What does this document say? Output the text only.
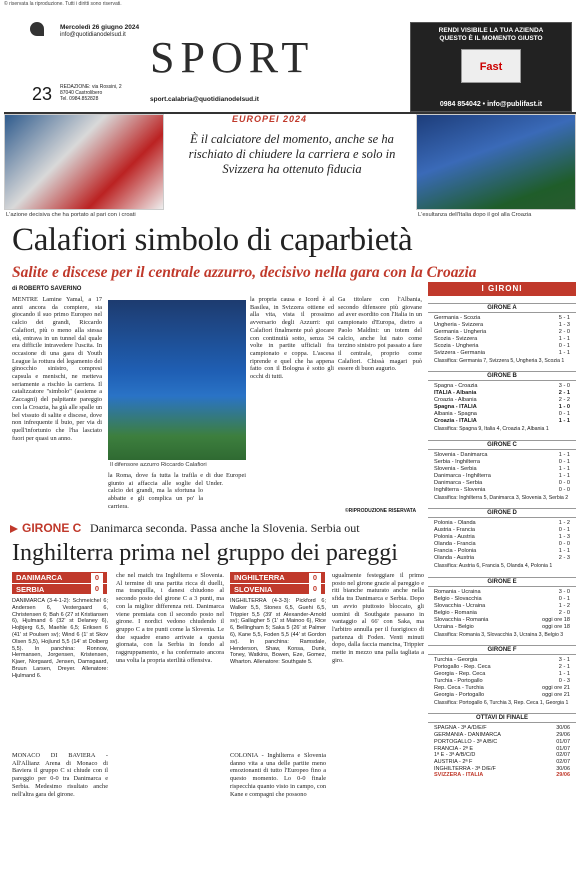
© riservata la riproduzione. Tutti i diritti sono riservati.
Mercoledì 26 giugno 2024
info@quotidianodelsud.it SPORT
23 REDAZIONE: via Rossini, 2
87040 Castrolibero
Tel. 0984.852828	sport.calabria@quotidianodelsud.it
RENDI VISIBILE LA TUA AZIENDA
QUESTO È IL MOMENTO GIUSTO
Fast
0984 854042 • info@publifast.it
L'azione decisiva che ha portato al pari con i croati
EUROPEI 2024
È il calciatore del momento, anche se ha rischiato di chiudere la carriera e solo in Svizzera ha ottenuto fiducia
L'esultanza dell'Italia dopo il gol alla Croazia
Calafiori simbolo di caparbietà
Salite e discese per il centrale azzurro, decisivo nella gara con la Croazia
di ROBERTO SAVERINO
MENTRE Lamine Yamal, a 17 anni ancora da compiere, sta giocando il suo primo Europeo nel calcio dei grandi, Riccardo Calafiori, più o meno alla stessa età, entrava in un tunnel dal quale era difficile intravedere l'uscita. In occasione di una gara di Youth League la rottura del legamento del ginocchio sinistro, compresi capsula e menischi, ne metteva seriamente a rischio la carriera. Il catalizzatore "simbolo" (assieme a Zaccagni) del palpitante pareggio con la Croazia, ha già alle spalle un bel vissuto di salite e discese, dove non infrequente il buio, per via di quell'infortunio che l'ha lasciato fuori per quasi un anno.
Il difensore azzurro Riccardo Calafiori
la Roma, dove fa tutta la trafila e giunto ai affaccia alle soglie del calcio dei grandi, ma la sfortuna lo abbatte e gli complica un po' la carriera.
di due Europei Under.
la propria causa e Icord è al Basilea, in Svizzera ottiene ed alla vita, vista il prossimo avversario degli Azzurri: qui Calafiori finalmente può giocare con continuità sotto, senza 34 volte in partite ufficiali fra campionato e coppa. L'ascesa riprende e quel che ha appena fatto con il Bologna è sotto gli occhi di tutti.
Ga titolare con l'Albania, secondo difensore più giovane ad aver esordito con l'Italia in un campionato d'Europa, dietro a Paolo Maldini: un totem del calcio, anche lui nato come terzino sinistro poi passato a fare il centrale, proprio come Calafiori. Chissà magari può essere di buon augurio.
©RIPRODUZIONE RISERVATA
I GIRONI
GIRONE A
Germania - Scozia	5 - 1
Ungheria - Svizzera	1 - 3
Germania - Ungheria	2 - 0
Scozia - Svizzera	1 - 1
Scozia - Ungheria	0 - 1
Svizzera - Germania	1 - 1
Classifica: Germania 7, Svizzera 5, Ungheria 3, Scozia 1
GIRONE B
Spagna - Croazia	3 - 0
ITALIA - Albania	2 - 1
Croazia - Albania	2 - 2
Spagna - ITALIA	1 - 0
Albania - Spagna	0 - 1
Croazia - ITALIA	1 - 1
Classifica: Spagna 9, Italia 4, Croazia 2, Albania 1
GIRONE C
Slovenia - Danimarca	1 - 1
Serbia - Inghilterra	0 - 1
Slovenia - Serbia	1 - 1
Danimarca - Inghilterra	1 - 1
Danimarca - Serbia	0 - 0
Inghilterra - Slovenia	0 - 0
Classifica: Inghilterra 5, Danimarca 3, Slovenia 3, Serbia 2
GIRONE D
Polonia - Olanda	1 - 2
Austria - Francia	0 - 1
Polonia - Austria	1 - 3
Olanda - Francia	0 - 0
Francia - Polonia	1 - 1
Olanda - Austria	2 - 3
Classifica: Austria 6, Francia 5, Olanda 4, Polonia 1
GIRONE E
Romania - Ucraina	3 - 0
Belgio - Slovacchia	0 - 1
Slovacchia - Ucraina	1 - 2
Belgio - Romania	2 - 0
Slovacchia - Romania	oggi ore 18
Ucraina - Belgio	oggi ore 18
Classifica: Romania 3, Slovacchia 3, Ucraina 3, Belgio 3
GIRONE F
Turchia - Georgia	3 - 1
Portogallo - Rep. Ceca	2 - 1
Georgia - Rep. Ceca	1 - 1
Turchia - Portogallo	0 - 3
Rep. Ceca - Turchia	oggi ore 21
Georgia - Portogallo	oggi ore 21
Classifica: Portogallo 6, Turchia 3, Rep. Ceca 1, Georgia 1
OTTAVI DI FINALE
SPAGNA - 3ª A/D/E/F	30/06
GERMANIA - DANIMARCA	29/06
PORTOGALLO - 3ª A/B/C	01/07
FRANCIA - 2ª E	01/07
1ª E - 3ª A/B/C/D	02/07
AUSTRIA - 2ª F	02/07
INGHILTERRA - 3ª D/E/F	30/06
SVIZZERA - ITALIA	29/06
GIRONE C Danimarca seconda. Passa anche la Slovenia. Serbia out
Inghilterra prima nel gruppo dei pareggi
DANIMARCA	0
SERBIA	0
INGHILTERRA	0
SLOVENIA	0
DANIMARCA (3-4-1-2): Schmeichel 6; Andersen 6, Vestergaard 6, Christensen 6; Bah 6 (27 st Kristiansen 6), Hjulmand 6 (32' st Delaney 6), Hojbjerg 6,5, Maehle 6,5; Eriksen 6 (41' st Poulsen sv); Wind 6 (1' st Skov Olsen 5,5), Hojlund 5,5 (14' st Dolberg 5,5). In panchina: Ronnow, Hermansen, Jorgensen, Kristensen, Kjaer, Norgaard, Jensen, Damsgaard, Bruun Larsen, Dreyer. Allenatore: Hjulmand 6.
INGHILTERRA (4-3-3): Pickford 6; Walker 5,5, Stones 6,5, Guehi 6,5, Trippier 5,5 (39' st Alexander-Arnold sv); Gallagher 5 (1' st Mainoo 6), Rice 6, Bellingham 5; Saka 5 (26' st Palmer 6), Kane 5,5, Foden 5,5 (44' st Gordon sv). In panchina: Ramsdale, Henderson, Shaw, Konsa, Dunk, Toney, Watkins, Bowen, Eze, Gomez, Wharton. Allenatore: Southgate 5.
MONACO DI BAVIERA - All'Allianz Arena di Monaco di Baviera il gruppo C si chiude con il pareggio per 0-0 tra Danimarca e Serbia. Medesimo risultato anche nell'altra gara del girone.
che nel match tra Inghilterra e Slovenia. Al termine di una partita ricca di duelli, ma tranquilla, i danesi chiudono al secondo posto del girone C a 3 punti, ma con la miglior differenza reti. Danimarca viene premiata con il secondo posto nel girone. I nordici vedono chiudendo il gruppo C a tre punti come la Slovenia. Le due squadre erano arrivate a questa giornata, con la Serbia in fondo al raggruppamento, e ha confermato ancora una volta la propria sterilità offensiva.
COLONIA - Inghilterra e Slovenia danno vita a una delle partite meno emozionanti di tutto l'Europeo fino a questo momento. Lo 0-0 finale rispecchia quanto visto in campo, con Kane e compagni che possono
ugualmente festeggiare il primo posto nel girone grazie al pareggio e riti bianche maturato anche nella sfida tra Danimarca e Serbia. Dopo un avvio piuttosto bloccato, gli uomini di Southgate passano in vantaggio al 66' con Saka, ma l'arbitro annulla per il fuorigioco di partenza di Foden. Venti minuti dopo, dalla faccia mancina, Trippier mette in mezzo una palla tagliata a giro.
